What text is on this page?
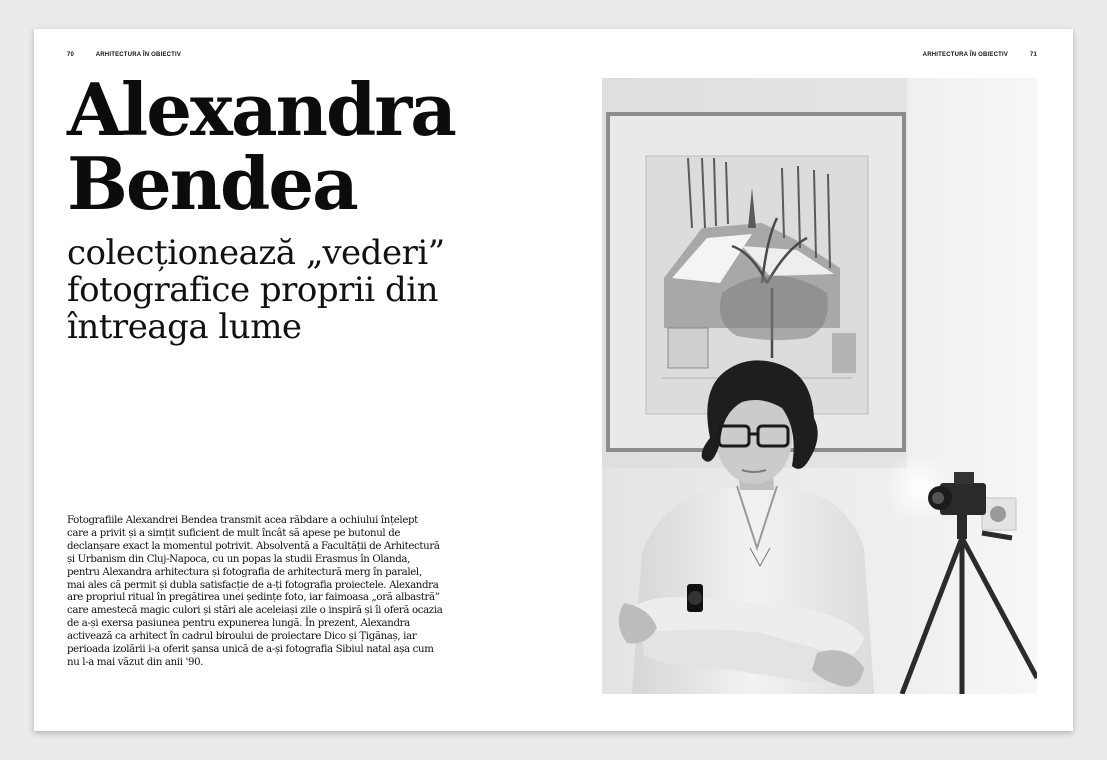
70	ARHITECTURA ÎN OBIECTIV	ARHITECTURA ÎN OBIECTIV	71
Alexandra
Bendea
colecționează „vederi”
fotografice proprii din
întreaga lume

Fotografiile Alexandrei Bendea transmit acea răbdare a ochiului înțelept
care a privit și a simțit suficient de mult încât să apese pe butonul de
declanșare exact la momentul potrivit. Absolventă a Facultății de Arhitectură
și Urbanism din Cluj-Napoca, cu un popas la studii Erasmus în Olanda,
pentru Alexandra arhitectura și fotografia de arhitectură merg în paralel,
mai ales că permit și dubla satisfacție de a-ți fotografia proiectele. Alexandra
are propriul ritual în pregătirea unei ședințe foto, iar faimoasa „oră albastră”
care amestecă magic culori și stări ale aceleiași zile o inspiră și îi oferă ocazia
de a-și exersa pasiunea pentru expunerea lungă. În prezent, Alexandra
activează ca arhitect în cadrul biroului de proiectare Dico și Țigănaș, iar
perioada izolării i-a oferit șansa unică de a-și fotografia Sibiul natal așa cum
nu l-a mai văzut din anii '90.
